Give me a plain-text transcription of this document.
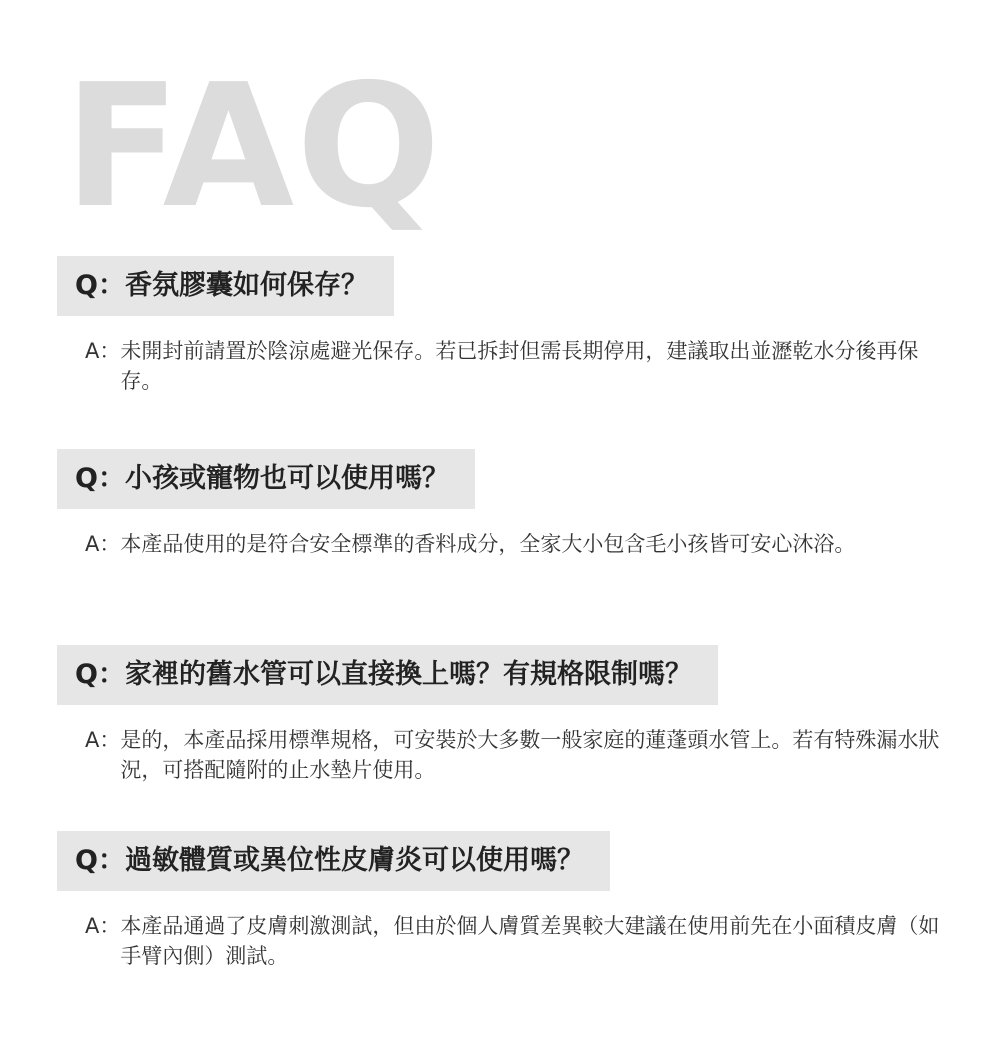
FAQ
Q：香氛膠囊如何保存？
A： 未開封前請置於陰涼處避光保存。若已拆封但需長期停用，建議取出並瀝乾水分後再保存。
Q：小孩或寵物也可以使用嗎？
A： 本產品使用的是符合安全標準的香料成分，全家大小包含毛小孩皆可安心沐浴。
Q：家裡的舊水管可以直接換上嗎？有規格限制嗎？
A： 是的，本產品採用標準規格，可安裝於大多數一般家庭的蓮蓬頭水管上。若有特殊漏水狀況，可搭配隨附的止水墊片使用。
Q：過敏體質或異位性皮膚炎可以使用嗎？
A： 本產品通過了皮膚刺激測試，但由於個人膚質差異較大建議在使用前先在小面積皮膚（如手臂內側）測試。
